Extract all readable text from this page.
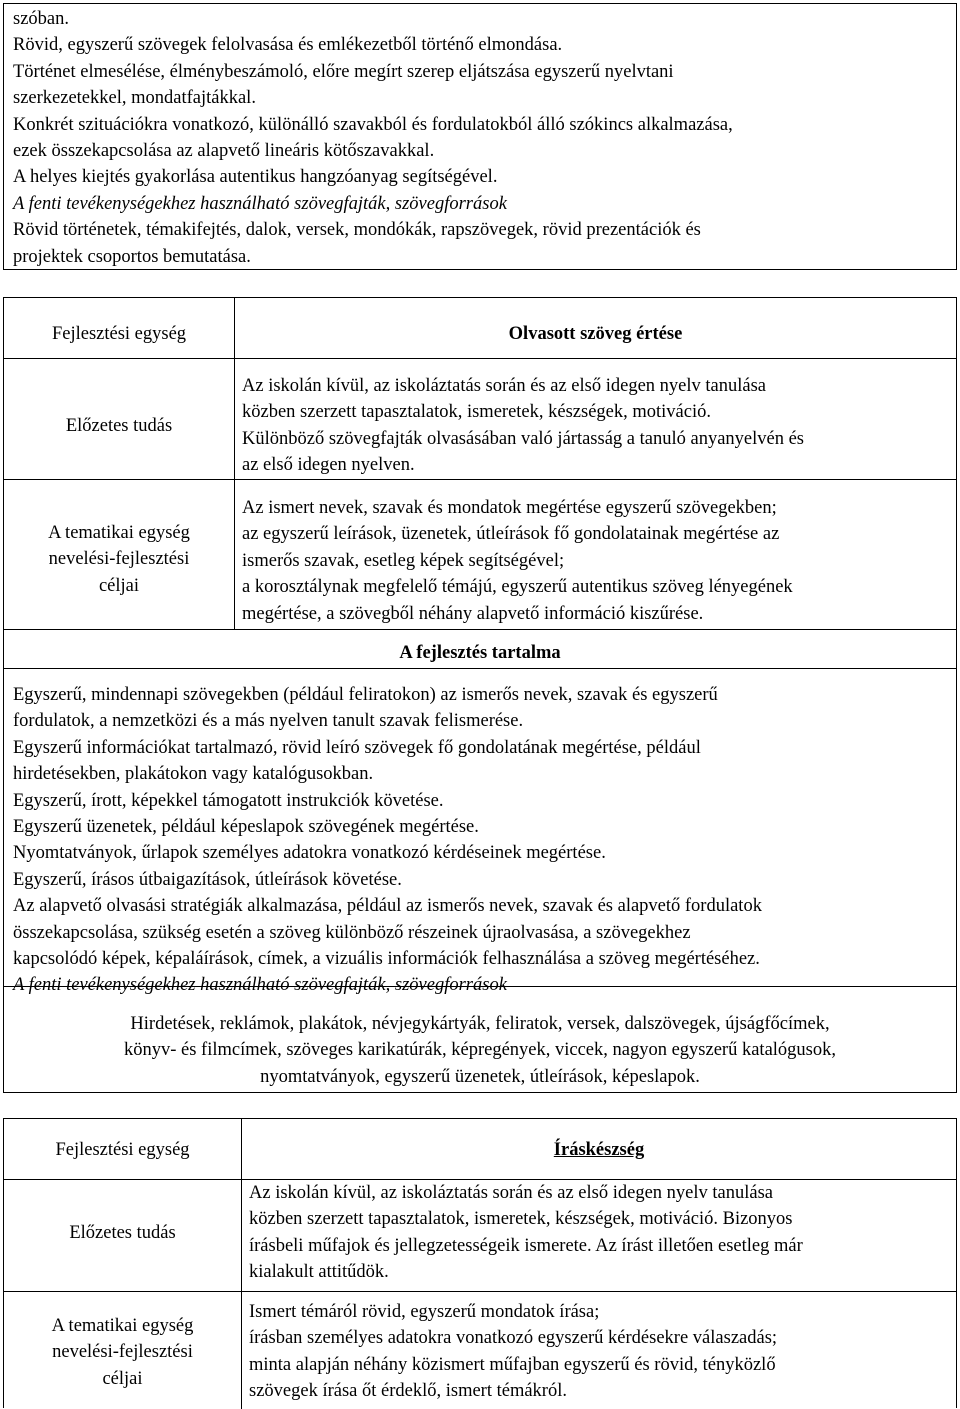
szóban.

Rövid, egyszerű szövegek felolvasása és emlékezetből történő elmondása.

Történet elmesélése, élménybeszámoló, előre megírt szerep eljátszása egyszerű nyelvtani

szerkezetekkel, mondatfajtákkal.

Konkrét szituációkra vonatkozó, különálló szavakból és fordulatokból álló szókincs alkalmazása,

ezek összekapcsolása az alapvető lineáris kötőszavakkal.

A helyes kiejtés gyakorlása autentikus hangzóanyag segítségével.

A fenti tevékenységekhez használható szövegfajták, szövegforrások

Rövid történetek, témakifejtés, dalok, versek, mondókák, rapszövegek, rövid prezentációk és

projektek csoportos bemutatása.

Fejlesztési egység	Olvasott szöveg értése
Előzetes tudás

Az iskolán kívül, az iskoláztatás során és az első idegen nyelv tanulása

közben szerzett tapasztalatok, ismeretek, készségek, motiváció.

Különböző szövegfajták olvasásában való jártasság a tanuló anyanyelvén és

az első idegen nyelven.

A tematikai egység

nevelési-fejlesztési

céljai

Az ismert nevek, szavak és mondatok megértése egyszerű szövegekben;

az egyszerű leírások, üzenetek, útleírások fő gondolatainak megértése az

ismerős szavak, esetleg képek segítségével;

a korosztálynak megfelelő témájú, egyszerű autentikus szöveg lényegének

megértése, a szövegből néhány alapvető információ kiszűrése.

A fejlesztés tartalma

Egyszerű, mindennapi szövegekben (például feliratokon) az ismerős nevek, szavak és egyszerű

fordulatok, a nemzetközi és a más nyelven tanult szavak felismerése.

Egyszerű információkat tartalmazó, rövid leíró szövegek fő gondolatának megértése, például

hirdetésekben, plakátokon vagy katalógusokban.

Egyszerű, írott, képekkel támogatott instrukciók követése.

Egyszerű üzenetek, például képeslapok szövegének megértése.

Nyomtatványok, űrlapok személyes adatokra vonatkozó kérdéseinek megértése.

Egyszerű, írásos útbaigazítások, útleírások követése.

Az alapvető olvasási stratégiák alkalmazása, például az ismerős nevek, szavak és alapvető fordulatok

összekapcsolása, szükség esetén a szöveg különböző részeinek újraolvasása, a szövegekhez

kapcsolódó képek, képaláírások, címek, a vizuális információk felhasználása a szöveg megértéséhez.

A fenti tevékenységekhez használható szövegfajták, szövegforrások

Hirdetések, reklámok, plakátok, névjegykártyák, feliratok, versek, dalszövegek, újságfőcímek,

könyv- és filmcímek, szöveges karikatúrák, képregények, viccek, nagyon egyszerű katalógusok,

nyomtatványok, egyszerű üzenetek, útleírások, képeslapok.

Fejlesztési egység	Íráskészség
Előzetes tudás

Az iskolán kívül, az iskoláztatás során és az első idegen nyelv tanulása

közben szerzett tapasztalatok, ismeretek, készségek, motiváció. Bizonyos

írásbeli műfajok és jellegzetességeik ismerete. Az írást illetően esetleg már

kialakult attitűdök.

A tematikai egység

nevelési-fejlesztési

céljai

Ismert témáról rövid, egyszerű mondatok írása;

írásban személyes adatokra vonatkozó egyszerű kérdésekre válaszadás;

minta alapján néhány közismert műfajban egyszerű és rövid, tényközlő

szövegek írása őt érdeklő, ismert témákról.
